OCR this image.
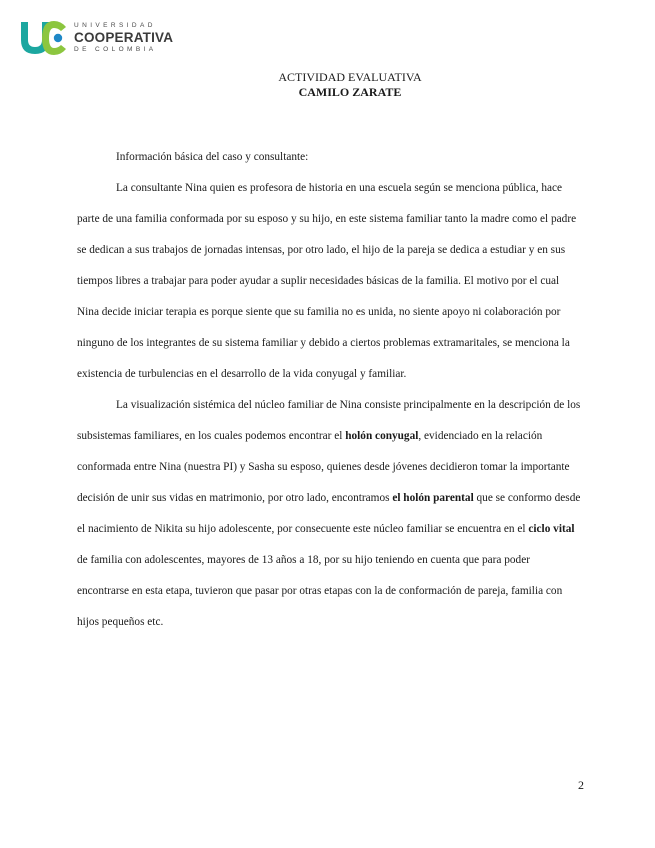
UNIVERSIDAD
COOPERATIVA
DE COLOMBIA
ACTIVIDAD EVALUATIVA
CAMILO ZARATE

Información básica del caso y consultante:

La consultante Nina quien es profesora de historia en una escuela según se menciona pública, hace parte de una familia conformada por su esposo y su hijo, en este sistema familiar tanto la madre como el padre se dedican a sus trabajos de jornadas intensas, por otro lado, el hijo de la pareja se dedica a estudiar y en sus tiempos libres a trabajar para poder ayudar a suplir necesidades básicas de la familia. El motivo por el cual Nina decide iniciar terapia es porque siente que su familia no es unida, no siente apoyo ni colaboración por ninguno de los integrantes de su sistema familiar y debido a ciertos problemas extramaritales, se menciona la existencia de turbulencias en el desarrollo de la vida conyugal y familiar.

La visualización sistémica del núcleo familiar de Nina consiste principalmente en la descripción de los subsistemas familiares, en los cuales podemos encontrar el holón conyugal, evidenciado en la relación conformada entre Nina (nuestra PI) y Sasha su esposo, quienes desde jóvenes decidieron tomar la importante decisión de unir sus vidas en matrimonio, por otro lado, encontramos el holón parental que se conformo desde el nacimiento de Nikita su hijo adolescente, por consecuente este núcleo familiar se encuentra en el ciclo vital de familia con adolescentes, mayores de 13 años a 18, por su hijo teniendo en cuenta que para poder encontrarse en esta etapa, tuvieron que pasar por otras etapas con la de conformación de pareja, familia con hijos pequeños etc.

2
